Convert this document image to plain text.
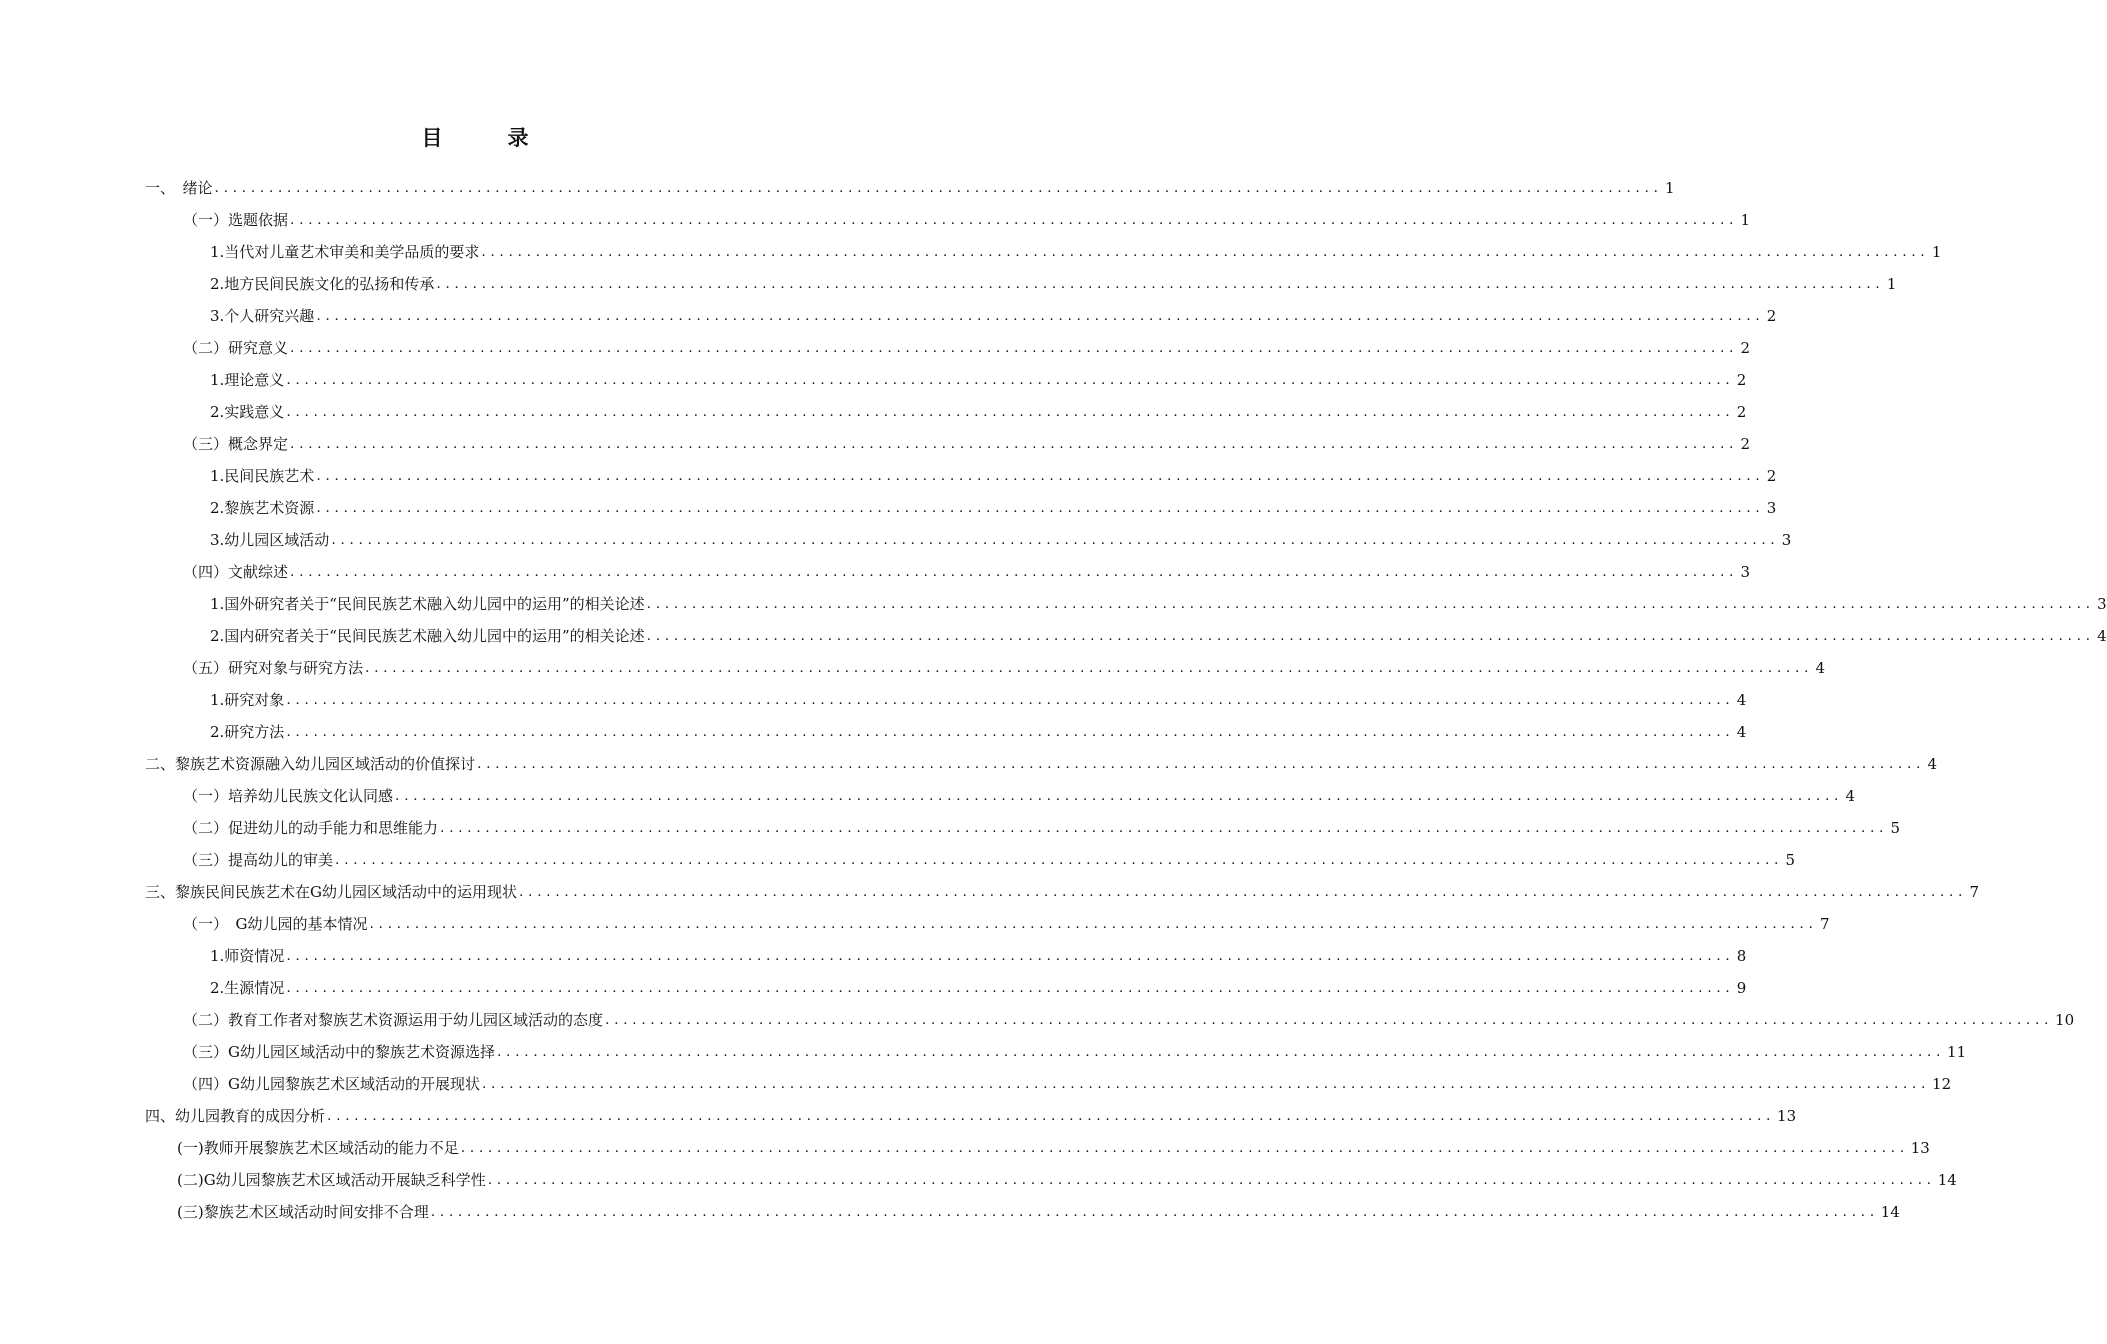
目　录
一、　绪论 ................................................................................................................................................................ 1
（一）选题依据 ................................................................................................................................................................ 1
1.当代对儿童艺术审美和美学品质的要求 ................................................................................................................................................................ 1
2.地方民间民族文化的弘扬和传承 ................................................................................................................................................................ 1
3.个人研究兴趣 ................................................................................................................................................................ 2
（二）研究意义 ................................................................................................................................................................ 2
1.理论意义 ................................................................................................................................................................ 2
2.实践意义 ................................................................................................................................................................ 2
（三）概念界定 ................................................................................................................................................................ 2
1.民间民族艺术 ................................................................................................................................................................ 2
2.黎族艺术资源 ................................................................................................................................................................ 3
3.幼儿园区域活动 ................................................................................................................................................................ 3
（四）文献综述 ................................................................................................................................................................ 3
1.国外研究者关于“民间民族艺术融入幼儿园中的运用”的相关论述 ................................................................................................................................................................ 3
2.国内研究者关于“民间民族艺术融入幼儿园中的运用”的相关论述 ................................................................................................................................................................ 4
（五）研究对象与研究方法 ................................................................................................................................................................ 4
1.研究对象 ................................................................................................................................................................ 4
2.研究方法 ................................................................................................................................................................ 4
二、黎族艺术资源融入幼儿园区域活动的价值探讨 ................................................................................................................................................................ 4
（一）培养幼儿民族文化认同感 ................................................................................................................................................................ 4
（二）促进幼儿的动手能力和思维能力 ................................................................................................................................................................ 5
（三）提高幼儿的审美 ................................................................................................................................................................ 5
三、黎族民间民族艺术在G幼儿园区域活动中的运用现状 ................................................................................................................................................................ 7
（一）　G幼儿园的基本情况 ................................................................................................................................................................ 7
1.师资情况 ................................................................................................................................................................ 8
2.生源情况 ................................................................................................................................................................ 9
（二）教育工作者对黎族艺术资源运用于幼儿园区域活动的态度 ................................................................................................................................................................ 10
（三）G幼儿园区域活动中的黎族艺术资源选择 ................................................................................................................................................................ 11
（四）G幼儿园黎族艺术区域活动的开展现状 ................................................................................................................................................................ 12
四、幼儿园教育的成因分析 ................................................................................................................................................................ 13
(一)教师开展黎族艺术区域活动的能力不足 ................................................................................................................................................................ 13
(二)G幼儿园黎族艺术区域活动开展缺乏科学性 ................................................................................................................................................................ 14
(三)黎族艺术区域活动时间安排不合理 ................................................................................................................................................................ 14
